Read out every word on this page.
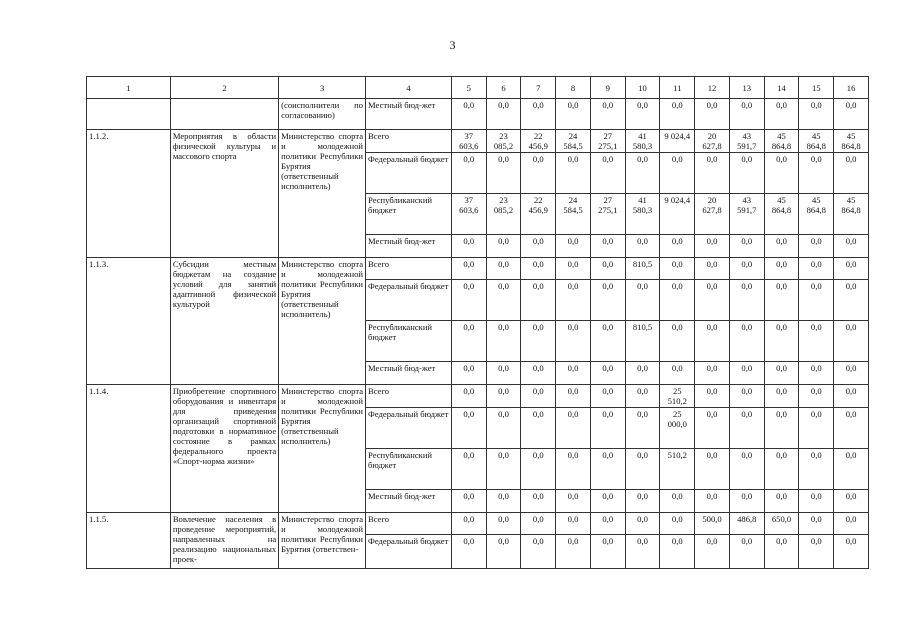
3
1	2	3	4	5	6	7	8	9	10	11	12	13	14	15	16
		(соисполнители по согласованию)	Местный бюд-жет	0,0	0,0	0,0	0,0	0,0	0,0	0,0	0,0	0,0	0,0	0,0	0,0
1.1.2.	Мероприятия в области физической культуры и массового спорта	Министерство спорта и молодежной политики Республики Бурятия (ответственный исполнитель)	Всего	37 603,6	23 085,2	22 456,9	24 584,5	27 275,1	41 580,3	9 024,4	20 627,8	43 591,7	45 864,8	45 864,8	45 864,8
			Федеральный бюджет	0,0	0,0	0,0	0,0	0,0	0,0	0,0	0,0	0,0	0,0	0,0	0,0
			Республиканский бюджет	37 603,6	23 085,2	22 456,9	24 584,5	27 275,1	41 580,3	9 024,4	20 627,8	43 591,7	45 864,8	45 864,8	45 864,8
			Местный бюд-жет	0,0	0,0	0,0	0,0	0,0	0,0	0,0	0,0	0,0	0,0	0,0	0,0
1.1.3.	Субсидии местным бюджетам на создание условий для занятий адаптивной физической культурой	Министерство спорта и молодежной политики Республики Бурятия (ответственный исполнитель)	Всего	0,0	0,0	0,0	0,0	0,0	810,5	0,0	0,0	0,0	0,0	0,0	0,0
			Федеральный бюджет	0,0	0,0	0,0	0,0	0,0	0,0	0,0	0,0	0,0	0,0	0,0	0,0
			Республиканский бюджет	0,0	0,0	0,0	0,0	0,0	810,5	0,0	0,0	0,0	0,0	0,0	0,0
			Местный бюд-жет	0,0	0,0	0,0	0,0	0,0	0,0	0,0	0,0	0,0	0,0	0,0	0,0
1.1.4.	Приобретение спортивного оборудования и инвентаря для приведения организаций спортивной подготовки в нормативное состояние в рамках федерального проекта «Спорт-норма жизни»	Министерство спорта и молодежной политики Республики Бурятия (ответственный исполнитель)	Всего	0,0	0,0	0,0	0,0	0,0	0,0	25 510,2	0,0	0,0	0,0	0,0	0,0
			Федеральный бюджет	0,0	0,0	0,0	0,0	0,0	0,0	25 000,0	0,0	0,0	0,0	0,0	0,0
			Республиканский бюджет	0,0	0,0	0,0	0,0	0,0	0,0	510,2	0,0	0,0	0,0	0,0	0,0
			Местный бюд-жет	0,0	0,0	0,0	0,0	0,0	0,0	0,0	0,0	0,0	0,0	0,0	0,0
1.1.5.	Вовлечение населения в проведение мероприятий, направленных на реализацию национальных проек-	Министерство спорта и молодежной политики Республики Бурятия (ответствен-	Всего	0,0	0,0	0,0	0,0	0,0	0,0	0,0	500,0	486,8	650,0	0,0	0,0
			Федеральный бюджет	0,0	0,0	0,0	0,0	0,0	0,0	0,0	0,0	0,0	0,0	0,0	0,0
